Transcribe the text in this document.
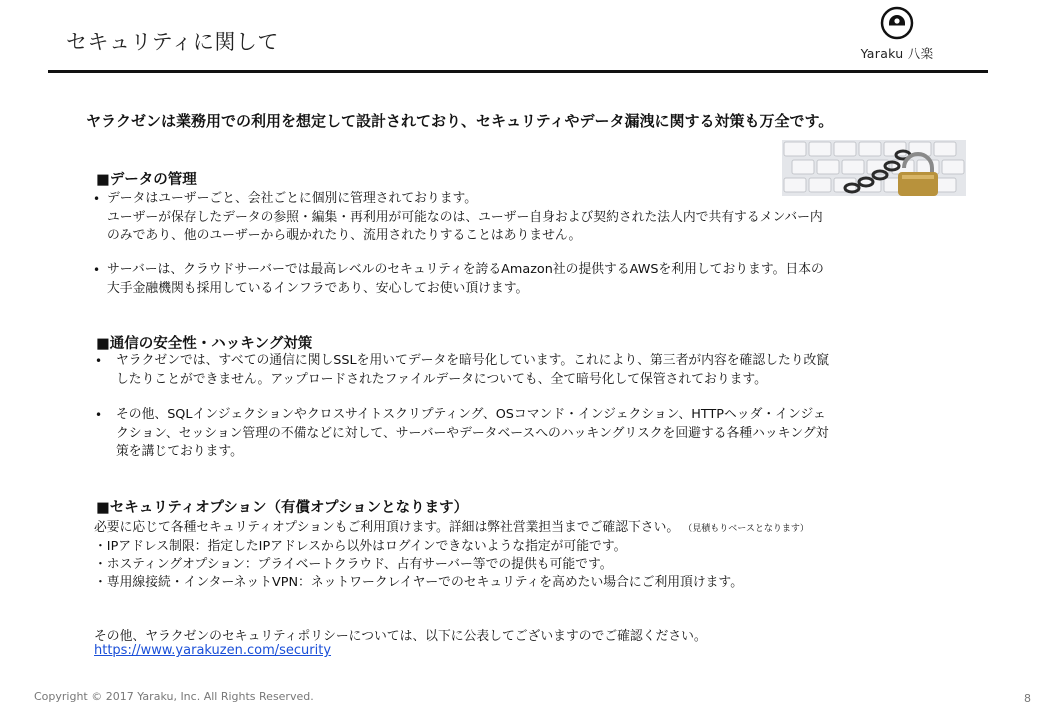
セキュリティに関して	Yaraku 八楽
ヤラクゼンは業務用での利用を想定して設計されており、セキュリティやデータ漏洩に関する対策も万全です。
■データの管理
• データはユーザーごと、会社ごとに個別に管理されております。
ユーザーが保存したデータの参照・編集・再利用が可能なのは、ユーザー自身および契約された法人内で共有するメンバー内
のみであり、他のユーザーから覗かれたり、流用されたりすることはありません。
• サーバーは、クラウドサーバーでは最高レベルのセキュリティを誇るAmazon社の提供するAWSを利用しております。日本の
大手金融機関も採用しているインフラであり、安心してお使い頂けます。
■通信の安全性・ハッキング対策
• ヤラクゼンでは、すべての通信に関しSSLを用いてデータを暗号化しています。これにより、第三者が内容を確認したり改竄
したりことができません。アップロードされたファイルデータについても、全て暗号化して保管されております。
• その他、SQLインジェクションやクロスサイトスクリプティング、OSコマンド・インジェクション、HTTPヘッダ・インジェ
クション、セッション管理の不備などに対して、サーバーやデータベースへのハッキングリスクを回避する各種ハッキング対
策を講じております。
■セキュリティオプション（有償オプションとなります）
必要に応じて各種セキュリティオプションもご利用頂けます。詳細は弊社営業担当までご確認下さい。 （見積もりベースとなります）
・IPアドレス制限：指定したIPアドレスから以外はログインできないような指定が可能です。
・ホスティングオプション：プライベートクラウド、占有サーバー等での提供も可能です。
・専用線接続・インターネットVPN：ネットワークレイヤーでのセキュリティを高めたい場合にご利用頂けます。
その他、ヤラクゼンのセキュリティポリシーについては、以下に公表してございますのでご確認ください。
https://www.yarakuzen.com/security
Copyright © 2017 Yaraku, Inc. All Rights Reserved.	8
